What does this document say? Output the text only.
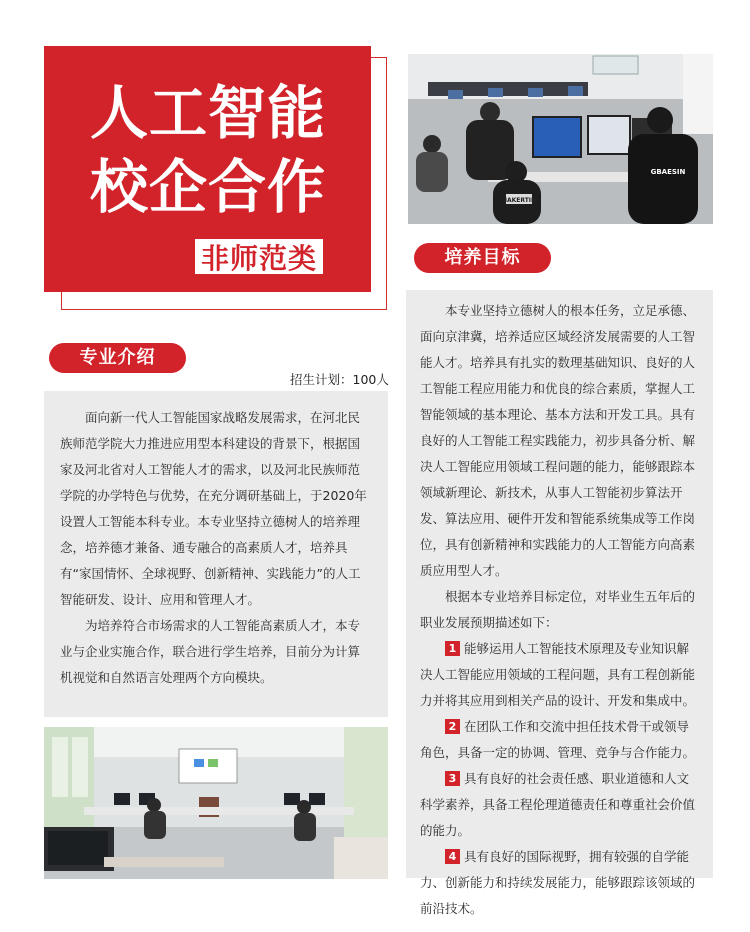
人工智能
校企合作
非师范类
NAKERTIN
GBAESIN
培养目标
专业介绍
招生计划：100人

面向新一代人工智能国家战略发展需求，在河北民族师范学院大力推进应用型本科建设的背景下，根据国家及河北省对人工智能人才的需求，以及河北民族师范学院的办学特色与优势，在充分调研基础上，于2020年设置人工智能本科专业。本专业坚持立德树人的培养理念，培养德才兼备、通专融合的高素质人才，培养具有“家国情怀、全球视野、创新精神、实践能力”的人工智能研发、设计、应用和管理人才。

为培养符合市场需求的人工智能高素质人才，本专业与企业实施合作，联合进行学生培养，目前分为计算机视觉和自然语言处理两个方向模块。

本专业坚持立德树人的根本任务，立足承德、面向京津冀，培养适应区域经济发展需要的人工智能人才。培养具有扎实的数理基础知识、良好的人工智能工程应用能力和优良的综合素质，掌握人工智能领域的基本理论、基本方法和开发工具。具有良好的人工智能工程实践能力，初步具备分析、解决人工智能应用领域工程问题的能力，能够跟踪本领域新理论、新技术，从事人工智能初步算法开发、算法应用、硬件开发和智能系统集成等工作岗位，具有创新精神和实践能力的人工智能方向高素质应用型人才。

根据本专业培养目标定位，对毕业生五年后的职业发展预期描述如下：

1 能够运用人工智能技术原理及专业知识解决人工智能应用领域的工程问题，具有工程创新能力并将其应用到相关产品的设计、开发和集成中。

2 在团队工作和交流中担任技术骨干或领导角色，具备一定的协调、管理、竞争与合作能力。

3 具有良好的社会责任感、职业道德和人文科学素养，具备工程伦理道德责任和尊重社会价值的能力。

4 具有良好的国际视野，拥有较强的自学能力、创新能力和持续发展能力，能够跟踪该领域的前沿技术。
